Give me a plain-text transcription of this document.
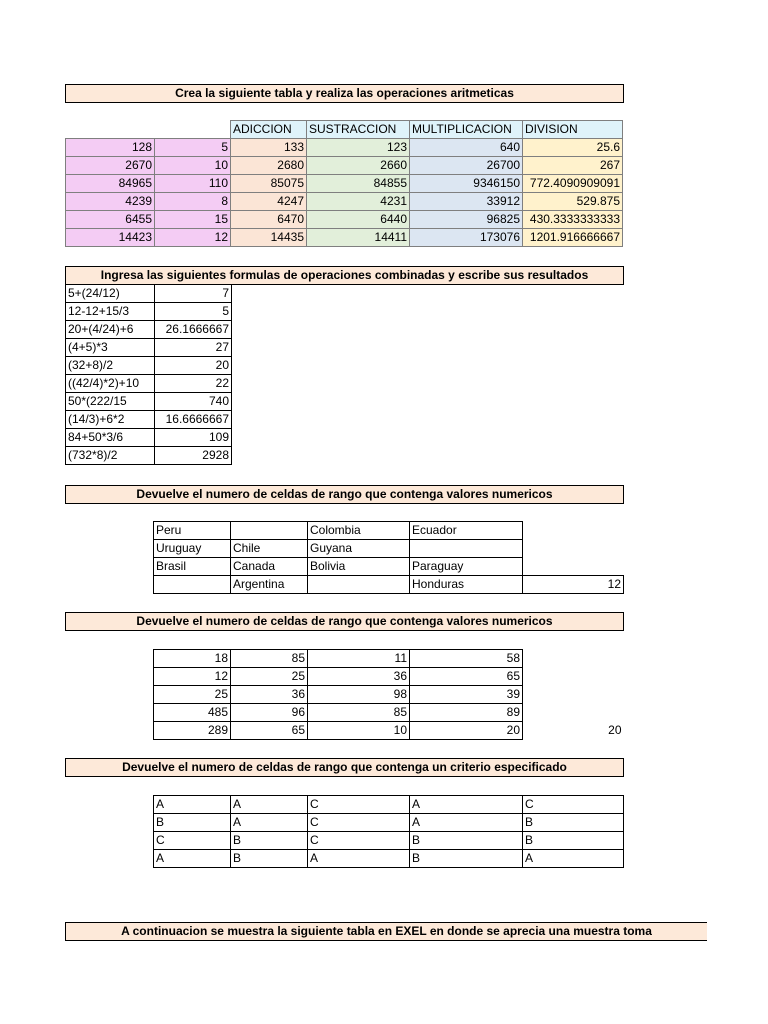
Crea la siguiente tabla y realiza las operaciones aritmeticas
		ADICCION	SUSTRACCION	MULTIPLICACION	DIVISION
128	5	133	123	640	25.6
2670	10	2680	2660	26700	267
84965	110	85075	84855	9346150	772.4090909091
4239	8	4247	4231	33912	529.875
6455	15	6470	6440	96825	430.3333333333
14423	12	14435	14411	173076	1201.916666667
Ingresa las siguientes formulas de operaciones combinadas y escribe sus resultados
5+(24/12)	7
12-12+15/3	5
20+(4/24)+6	26.1666667
(4+5)*3	27
(32+8)/2	20
((42/4)*2)+10	22
50*(222/15	740
(14/3)+6*2	16.6666667
84+50*3/6	109
(732*8)/2	2928
Devuelve el numero de celdas de rango que contenga valores numericos
Peru		Colombia	Ecuador	
Uruguay	Chile	Guyana		
Brasil	Canada	Bolivia	Paraguay	
	Argentina		Honduras	12
Devuelve el numero de celdas de rango que contenga valores numericos
18	85	11	58	
12	25	36	65	
25	36	98	39	
485	96	85	89	
289	65	10	20	20
Devuelve el numero de celdas de rango que contenga un criterio especificado
A	A	C	A	C
B	A	C	A	B
C	B	C	B	B
A	B	A	B	A
A continuacion se muestra la siguiente tabla en EXEL en donde se aprecia una muestra toma
